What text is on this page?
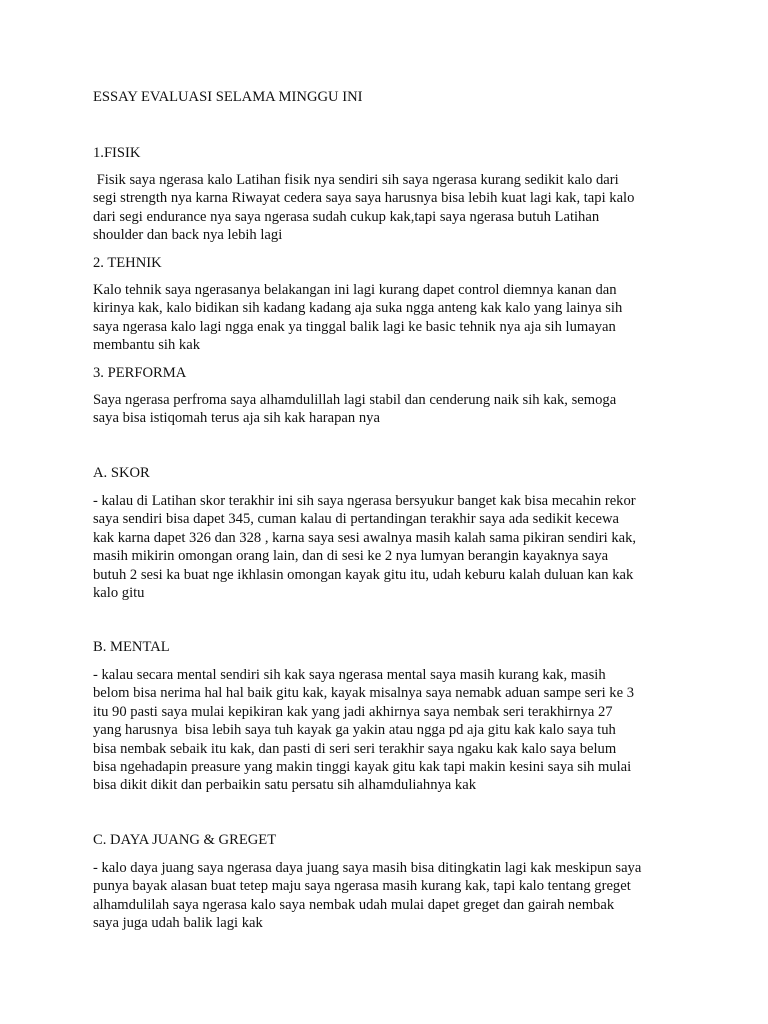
ESSAY EVALUASI SELAMA MINGGU INI

1.FISIK

Fisik saya ngerasa kalo Latihan fisik nya sendiri sih saya ngerasa kurang sedikit kalo dari
segi strength nya karna Riwayat cedera saya saya harusnya bisa lebih kuat lagi kak, tapi kalo
dari segi endurance nya saya ngerasa sudah cukup kak,tapi saya ngerasa butuh Latihan
shoulder dan back nya lebih lagi

2. TEHNIK

Kalo tehnik saya ngerasanya belakangan ini lagi kurang dapet control diemnya kanan dan
kirinya kak, kalo bidikan sih kadang kadang aja suka ngga anteng kak kalo yang lainya sih
saya ngerasa kalo lagi ngga enak ya tinggal balik lagi ke basic tehnik nya aja sih lumayan
membantu sih kak

3. PERFORMA

Saya ngerasa perfroma saya alhamdulillah lagi stabil dan cenderung naik sih kak, semoga
saya bisa istiqomah terus aja sih kak harapan nya

A. SKOR

- kalau di Latihan skor terakhir ini sih saya ngerasa bersyukur banget kak bisa mecahin rekor
saya sendiri bisa dapet 345, cuman kalau di pertandingan terakhir saya ada sedikit kecewa
kak karna dapet 326 dan 328 , karna saya sesi awalnya masih kalah sama pikiran sendiri kak,
masih mikirin omongan orang lain, dan di sesi ke 2 nya lumyan berangin kayaknya saya
butuh 2 sesi ka buat nge ikhlasin omongan kayak gitu itu, udah keburu kalah duluan kan kak
kalo gitu

B. MENTAL

- kalau secara mental sendiri sih kak saya ngerasa mental saya masih kurang kak, masih
belom bisa nerima hal hal baik gitu kak, kayak misalnya saya nemabk aduan sampe seri ke 3
itu 90 pasti saya mulai kepikiran kak yang jadi akhirnya saya nembak seri terakhirnya 27
yang harusnya  bisa lebih saya tuh kayak ga yakin atau ngga pd aja gitu kak kalo saya tuh
bisa nembak sebaik itu kak, dan pasti di seri seri terakhir saya ngaku kak kalo saya belum
bisa ngehadapin preasure yang makin tinggi kayak gitu kak tapi makin kesini saya sih mulai
bisa dikit dikit dan perbaikin satu persatu sih alhamduliahnya kak

C. DAYA JUANG & GREGET

- kalo daya juang saya ngerasa daya juang saya masih bisa ditingkatin lagi kak meskipun saya
punya bayak alasan buat tetep maju saya ngerasa masih kurang kak, tapi kalo tentang greget
alhamdulilah saya ngerasa kalo saya nembak udah mulai dapet greget dan gairah nembak
saya juga udah balik lagi kak
